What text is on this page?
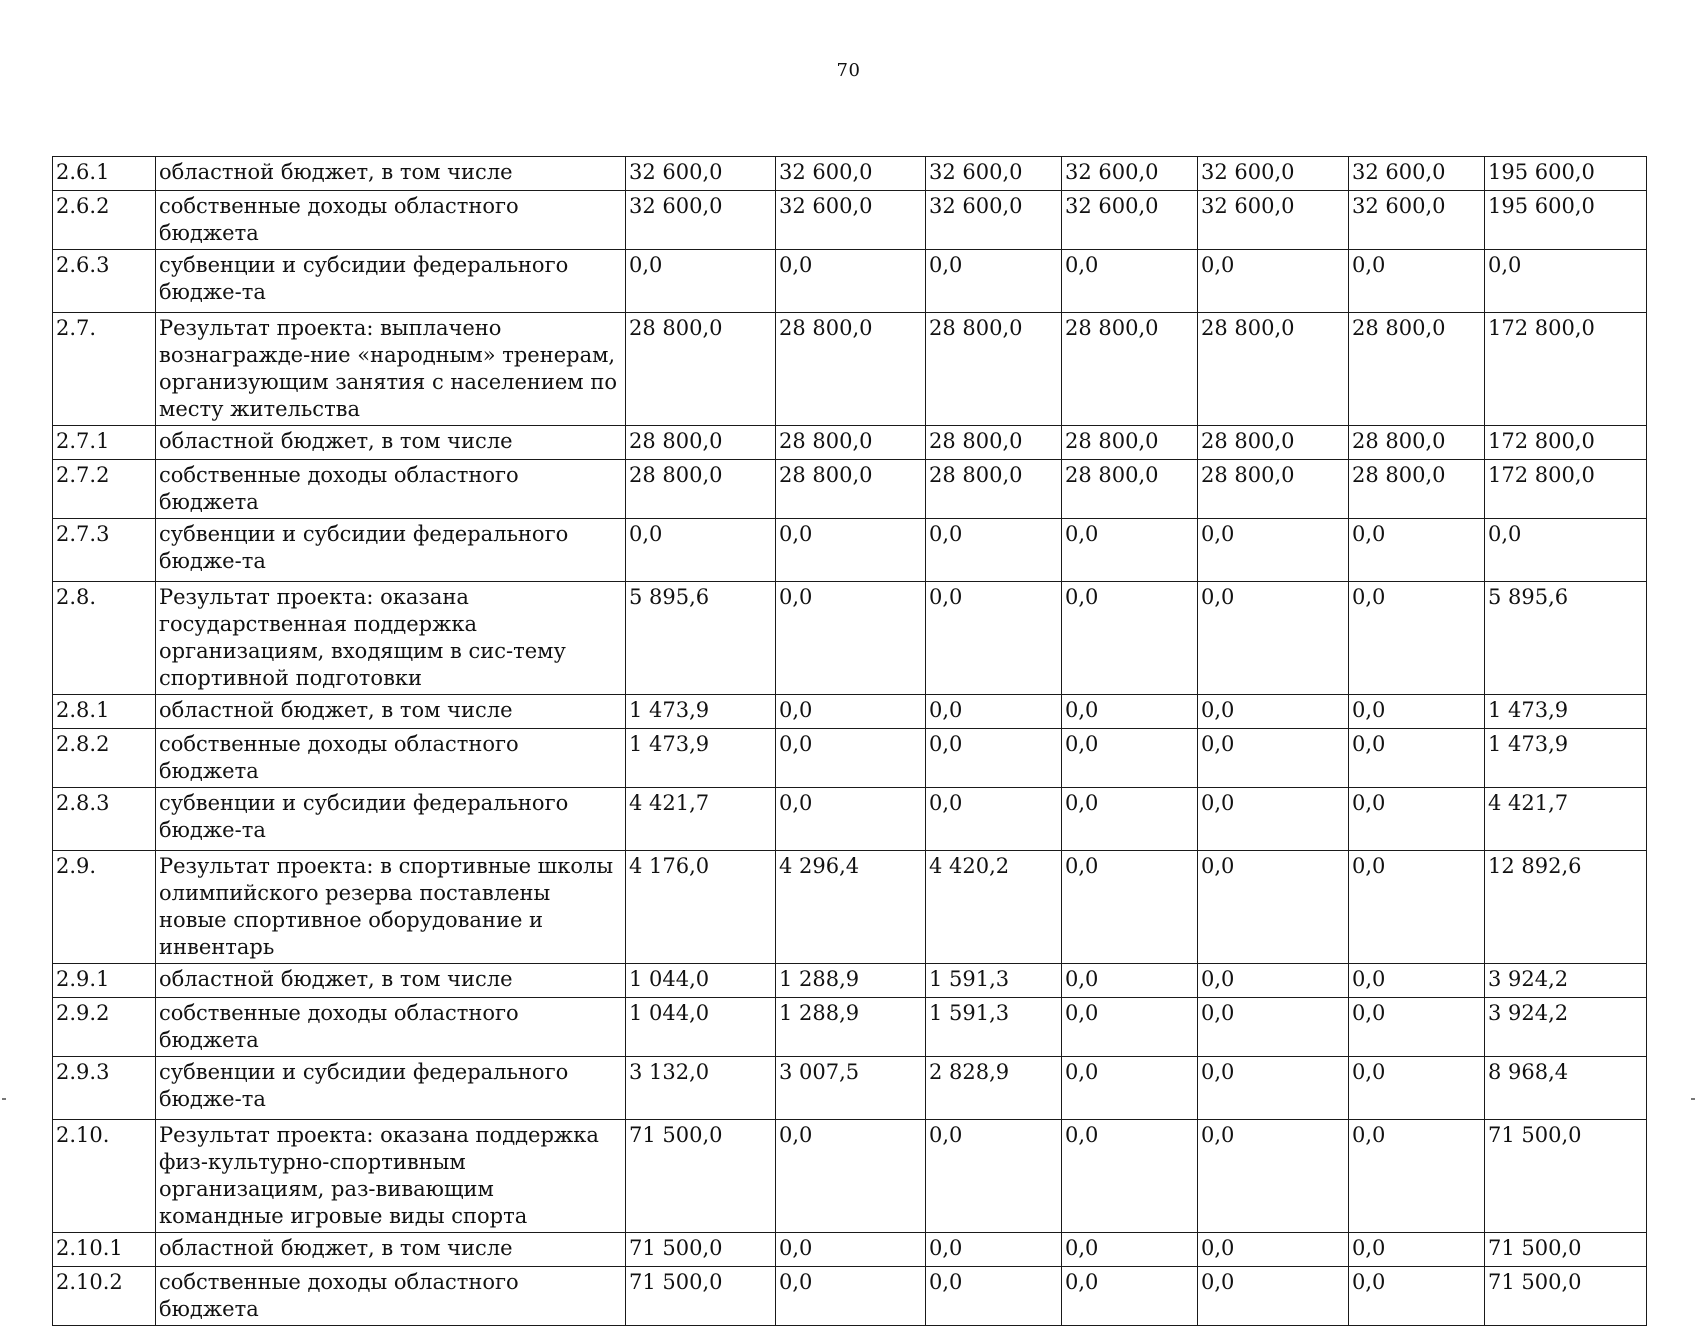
70
2.6.1	областной бюджет, в том числе	32 600,0	32 600,0	32 600,0	32 600,0	32 600,0	32 600,0	195 600,0
2.6.2	собственные доходы областного бюджета	32 600,0	32 600,0	32 600,0	32 600,0	32 600,0	32 600,0	195 600,0
2.6.3	субвенции и субсидии федерального бюдже-та	0,0	0,0	0,0	0,0	0,0	0,0	0,0
2.7.	Результат проекта: выплачено вознагражде-ние «народным» тренерам, организующим занятия с населением по месту жительства	28 800,0	28 800,0	28 800,0	28 800,0	28 800,0	28 800,0	172 800,0
2.7.1	областной бюджет, в том числе	28 800,0	28 800,0	28 800,0	28 800,0	28 800,0	28 800,0	172 800,0
2.7.2	собственные доходы областного бюджета	28 800,0	28 800,0	28 800,0	28 800,0	28 800,0	28 800,0	172 800,0
2.7.3	субвенции и субсидии федерального бюдже-та	0,0	0,0	0,0	0,0	0,0	0,0	0,0
2.8.	Результат проекта: оказана государственная поддержка организациям, входящим в сис-тему спортивной подготовки	5 895,6	0,0	0,0	0,0	0,0	0,0	5 895,6
2.8.1	областной бюджет, в том числе	1 473,9	0,0	0,0	0,0	0,0	0,0	1 473,9
2.8.2	собственные доходы областного бюджета	1 473,9	0,0	0,0	0,0	0,0	0,0	1 473,9
2.8.3	субвенции и субсидии федерального бюдже-та	4 421,7	0,0	0,0	0,0	0,0	0,0	4 421,7
2.9.	Результат проекта: в спортивные школы олимпийского резерва поставлены новые спортивное оборудование и инвентарь	4 176,0	4 296,4	4 420,2	0,0	0,0	0,0	12 892,6
2.9.1	областной бюджет, в том числе	1 044,0	1 288,9	1 591,3	0,0	0,0	0,0	3 924,2
2.9.2	собственные доходы областного бюджета	1 044,0	1 288,9	1 591,3	0,0	0,0	0,0	3 924,2
2.9.3	субвенции и субсидии федерального бюдже-та	3 132,0	3 007,5	2 828,9	0,0	0,0	0,0	8 968,4
2.10.	Результат проекта: оказана поддержка физ-культурно-спортивным организациям, раз-вивающим командные игровые виды спорта	71 500,0	0,0	0,0	0,0	0,0	0,0	71 500,0
2.10.1	областной бюджет, в том числе	71 500,0	0,0	0,0	0,0	0,0	0,0	71 500,0
2.10.2	собственные доходы областного бюджета	71 500,0	0,0	0,0	0,0	0,0	0,0	71 500,0
